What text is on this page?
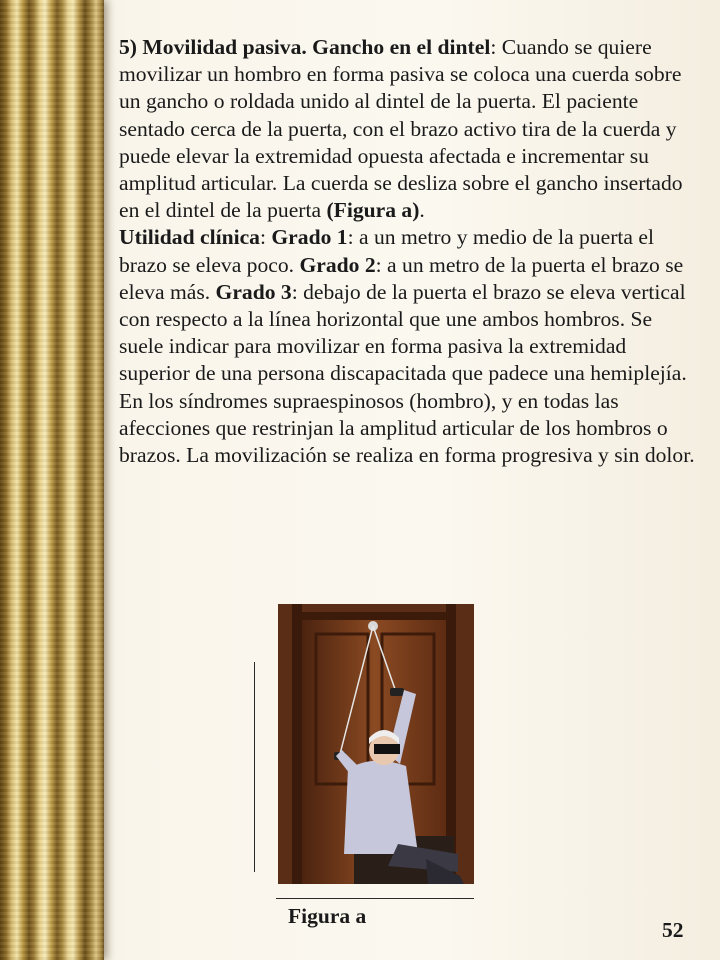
5) Movilidad pasiva. Gancho en el dintel: Cuando se quiere movilizar un hombro en forma pasiva se coloca una cuerda sobre un gancho o roldada unido al dintel de la puerta. El paciente sentado cerca de la puerta, con el brazo activo tira de la cuerda y puede elevar la extremidad opuesta afectada e incrementar su amplitud articular. La cuerda se desliza sobre el gancho insertado en el dintel de la puerta (Figura a).

Utilidad clínica: Grado 1: a un metro y medio de la puerta el brazo se eleva poco. Grado 2: a un metro de la puerta el brazo se eleva más. Grado 3: debajo de la puerta el brazo se eleva vertical con respecto a la línea horizontal que une ambos hombros. Se suele indicar para movilizar en forma pasiva la extremidad superior de una persona discapacitada que padece una hemiplejía. En los síndromes supraespinosos (hombro), y en todas las afecciones que restrinjan la amplitud articular de los hombros o brazos. La movilización se realiza en forma progresiva y sin dolor.

Figura a
52
